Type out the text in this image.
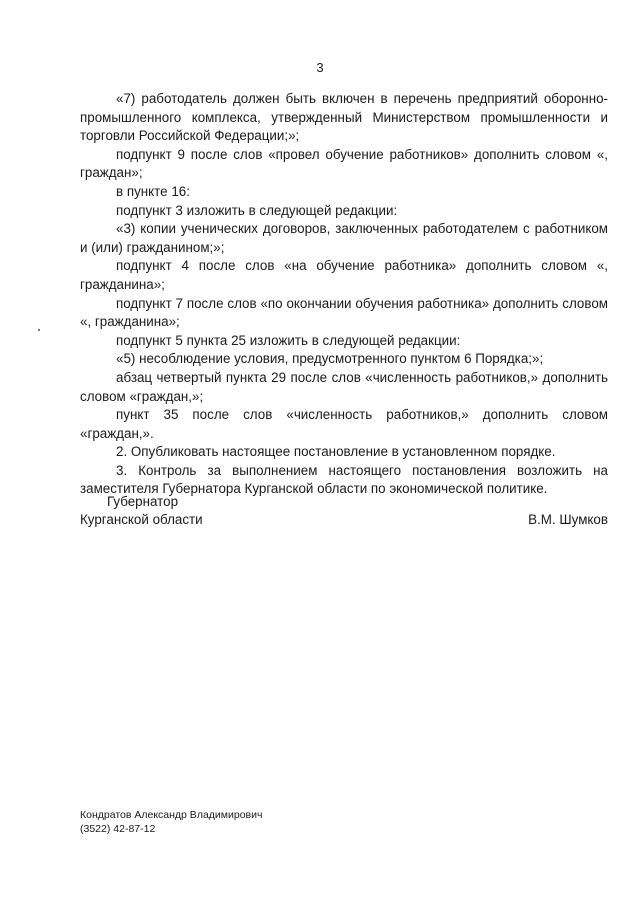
3

«7) работодатель должен быть включен в перечень предприятий оборонно-промышленного комплекса, утвержденный Министерством промышленности и торговли Российской Федерации;»;

подпункт 9 после слов «провел обучение работников» дополнить словом «, граждан»;

в пункте 16:

подпункт 3 изложить в следующей редакции:

«3) копии ученических договоров, заключенных работодателем с работником и (или) гражданином;»;

подпункт 4 после слов «на обучение работника» дополнить словом «, гражданина»;

подпункт 7 после слов «по окончании обучения работника» дополнить словом «, гражданина»;

подпункт 5 пункта 25 изложить в следующей редакции:

«5) несоблюдение условия, предусмотренного пунктом 6 Порядка;»;

абзац четвертый пункта 29 после слов «численность работников,» дополнить словом «граждан,»;

пункт 35 после слов «численность работников,» дополнить словом «граждан,».

2. Опубликовать настоящее постановление в установленном порядке.

3. Контроль за выполнением настоящего постановления возложить на заместителя Губернатора Курганской области по экономической политике.

Губернатор
Курганской области	В.М. Шумков
Кондратов Александр Владимирович
(3522) 42-87-12
